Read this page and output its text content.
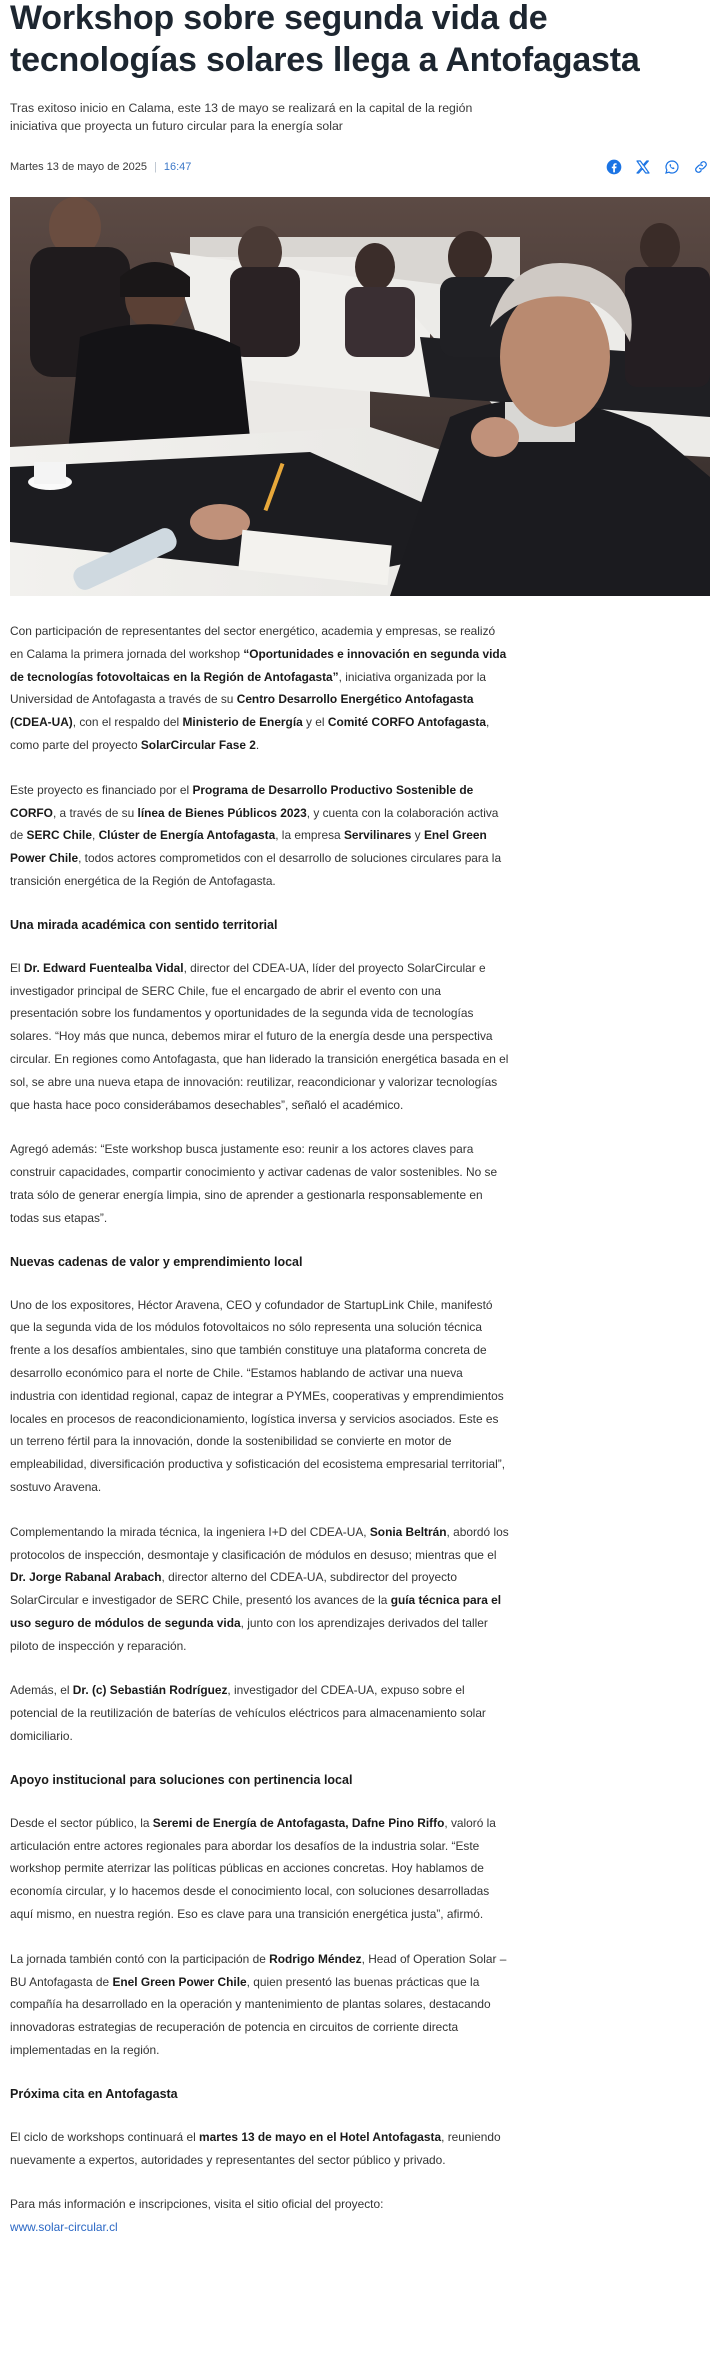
Workshop sobre segunda vida de tecnologías solares llega a Antofagasta

Tras exitoso inicio en Calama, este 13 de mayo se realizará en la capital de la región iniciativa que proyecta un futuro circular para la energía solar

Martes 13 de mayo de 2025 | 16:47

Con participación de representantes del sector energético, academia y empresas, se realizó en Calama la primera jornada del workshop “Oportunidades e innovación en segunda vida de tecnologías fotovoltaicas en la Región de Antofagasta”, iniciativa organizada por la Universidad de Antofagasta a través de su Centro Desarrollo Energético Antofagasta (CDEA-UA), con el respaldo del Ministerio de Energía y el Comité CORFO Antofagasta, como parte del proyecto SolarCircular Fase 2.

Este proyecto es financiado por el Programa de Desarrollo Productivo Sostenible de CORFO, a través de su línea de Bienes Públicos 2023, y cuenta con la colaboración activa de SERC Chile, Clúster de Energía Antofagasta, la empresa Servilinares y Enel Green Power Chile, todos actores comprometidos con el desarrollo de soluciones circulares para la transición energética de la Región de Antofagasta.

Una mirada académica con sentido territorial

El Dr. Edward Fuentealba Vidal, director del CDEA-UA, líder del proyecto SolarCircular e investigador principal de SERC Chile, fue el encargado de abrir el evento con una presentación sobre los fundamentos y oportunidades de la segunda vida de tecnologías solares. “Hoy más que nunca, debemos mirar el futuro de la energía desde una perspectiva circular. En regiones como Antofagasta, que han liderado la transición energética basada en el sol, se abre una nueva etapa de innovación: reutilizar, reacondicionar y valorizar tecnologías que hasta hace poco considerábamos desechables”, señaló el académico.

Agregó además: “Este workshop busca justamente eso: reunir a los actores claves para construir capacidades, compartir conocimiento y activar cadenas de valor sostenibles. No se trata sólo de generar energía limpia, sino de aprender a gestionarla responsablemente en todas sus etapas”.

Nuevas cadenas de valor y emprendimiento local

Uno de los expositores, Héctor Aravena, CEO y cofundador de StartupLink Chile, manifestó que la segunda vida de los módulos fotovoltaicos no sólo representa una solución técnica frente a los desafíos ambientales, sino que también constituye una plataforma concreta de desarrollo económico para el norte de Chile. “Estamos hablando de activar una nueva industria con identidad regional, capaz de integrar a PYMEs, cooperativas y emprendimientos locales en procesos de reacondicionamiento, logística inversa y servicios asociados. Este es un terreno fértil para la innovación, donde la sostenibilidad se convierte en motor de empleabilidad, diversificación productiva y sofisticación del ecosistema empresarial territorial”, sostuvo Aravena.

Complementando la mirada técnica, la ingeniera I+D del CDEA-UA, Sonia Beltrán, abordó los protocolos de inspección, desmontaje y clasificación de módulos en desuso; mientras que el Dr. Jorge Rabanal Arabach, director alterno del CDEA-UA, subdirector del proyecto SolarCircular e investigador de SERC Chile, presentó los avances de la guía técnica para el uso seguro de módulos de segunda vida, junto con los aprendizajes derivados del taller piloto de inspección y reparación.

Además, el Dr. (c) Sebastián Rodríguez, investigador del CDEA-UA, expuso sobre el potencial de la reutilización de baterías de vehículos eléctricos para almacenamiento solar domiciliario.

Apoyo institucional para soluciones con pertinencia local

Desde el sector público, la Seremi de Energía de Antofagasta, Dafne Pino Riffo, valoró la articulación entre actores regionales para abordar los desafíos de la industria solar. “Este workshop permite aterrizar las políticas públicas en acciones concretas. Hoy hablamos de economía circular, y lo hacemos desde el conocimiento local, con soluciones desarrolladas aquí mismo, en nuestra región. Eso es clave para una transición energética justa”, afirmó.

La jornada también contó con la participación de Rodrigo Méndez, Head of Operation Solar – BU Antofagasta de Enel Green Power Chile, quien presentó las buenas prácticas que la compañía ha desarrollado en la operación y mantenimiento de plantas solares, destacando innovadoras estrategias de recuperación de potencia en circuitos de corriente directa implementadas en la región.

Próxima cita en Antofagasta

El ciclo de workshops continuará el martes 13 de mayo en el Hotel Antofagasta, reuniendo nuevamente a expertos, autoridades y representantes del sector público y privado.

Para más información e inscripciones, visita el sitio oficial del proyecto:
www.solar-circular.cl
